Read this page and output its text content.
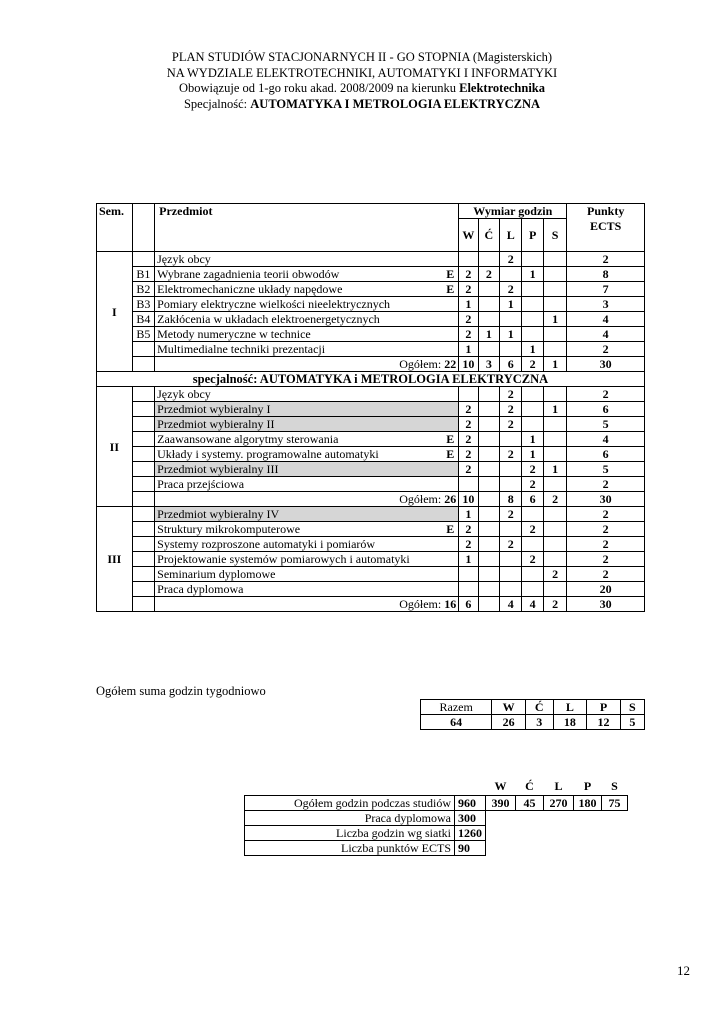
PLAN STUDIÓW STACJONARNYCH II - GO STOPNIA (Magisterskich)
NA WYDZIALE ELEKTROTECHNIKI, AUTOMATYKI I INFORMATYKI
Obowiązuje od 1-go roku akad. 2008/2009 na kierunku Elektrotechnika
Specjalność: AUTOMATYKA I METROLOGIA ELEKTRYCZNA
Sem.		Przedmiot	Wymiar godzin					Punkty ECTS
			W	Ć	L	P	S	
I		Język obcy			2			2
	B1	Wybrane zagadnienia teorii obwodów E	2	2		1		8
	B2	Elektromechaniczne układy napędowe E	2		2			7
	B3	Pomiary elektryczne wielkości nieelektrycznych	1		1			3
	B4	Zakłócenia w układach elektroenergetycznych	2				1	4
	B5	Metody numeryczne w technice	2	1	1			4
		Multimedialne techniki prezentacji	1			1		2
		Ogółem: 22	10	3	6	2	1	30
specjalność: AUTOMATYKA i METROLOGIA ELEKTRYCZNA								
II		Język obcy			2			2
		Przedmiot wybieralny I	2		2		1	6
		Przedmiot wybieralny II	2		2			5
		Zaawansowane algorytmy sterowania E	2			1		4
		Układy i systemy. programowalne automatyki E	2		2	1		6
		Przedmiot wybieralny III	2			2	1	5
		Praca przejściowa				2		2
		Ogółem: 26	10		8	6	2	30
III		Przedmiot wybieralny IV	1		2			2
		Struktury mikrokomputerowe E	2			2		2
		Systemy rozproszone automatyki i pomiarów	2		2			2
		Projektowanie systemów pomiarowych i automatyki	1			2		2
		Seminarium dyplomowe					2	2
		Praca dyplomowa						20
		Ogółem: 16	6		4	4	2	30
Ogółem suma godzin tygodniowo
Razem	W	Ć	L	P	S
64	26	3	18	12	5
		W	Ć	L	P	S
Ogółem godzin podczas studiów	960	390	45	270	180	75
Praca dyplomowa	300					
Liczba godzin wg siatki	1260					
Liczba punktów ECTS	90					
12
